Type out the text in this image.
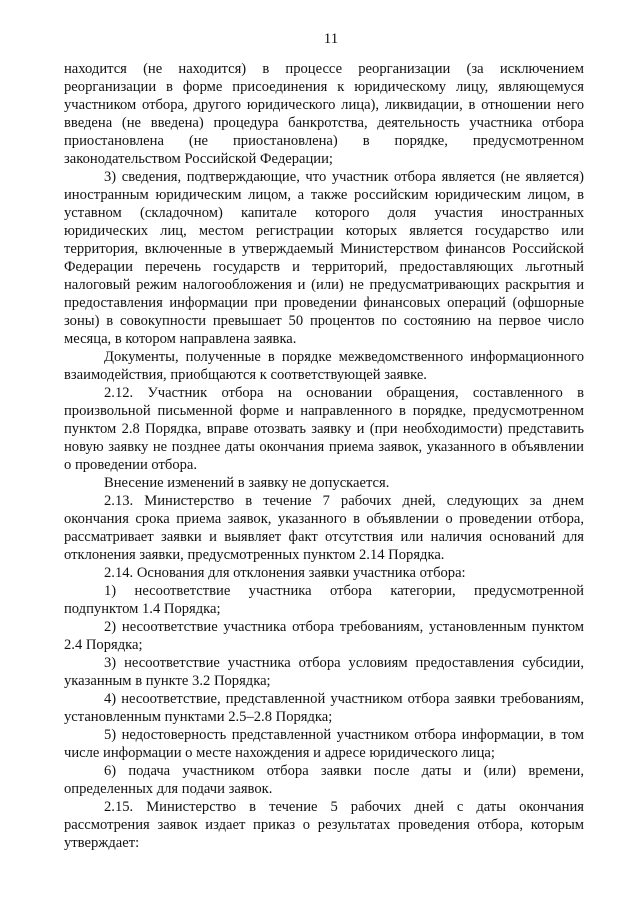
11

находится (не находится) в процессе реорганизации (за исключением реорганизации в форме присоединения к юридическому лицу, являющемуся участником отбора, другого юридического лица), ликвидации, в отношении него введена (не введена) процедура банкротства, деятельность участника отбора приостановлена (не приостановлена) в порядке, предусмотренном законодательством Российской Федерации;

3) сведения, подтверждающие, что участник отбора является (не является) иностранным юридическим лицом, а также российским юридическим лицом, в уставном (складочном) капитале которого доля участия иностранных юридических лиц, местом регистрации которых является государство или территория, включенные в утверждаемый Министерством финансов Российской Федерации перечень государств и территорий, предоставляющих льготный налоговый режим налогообложения и (или) не предусматривающих раскрытия и предоставления информации при проведении финансовых операций (офшорные зоны) в совокупности превышает 50 процентов по состоянию на первое число месяца, в котором направлена заявка.

Документы, полученные в порядке межведомственного информационного взаимодействия, приобщаются к соответствующей заявке.

2.12. Участник отбора на основании обращения, составленного в произвольной письменной форме и направленного в порядке, предусмотренном пунктом 2.8 Порядка, вправе отозвать заявку и (при необходимости) представить новую заявку не позднее даты окончания приема заявок, указанного в объявлении о проведении отбора.

Внесение изменений в заявку не допускается.

2.13. Министерство в течение 7 рабочих дней, следующих за днем окончания срока приема заявок, указанного в объявлении о проведении отбора, рассматривает заявки и выявляет факт отсутствия или наличия оснований для отклонения заявки, предусмотренных пунктом 2.14 Порядка.

2.14. Основания для отклонения заявки участника отбора:

1) несоответствие участника отбора категории, предусмотренной подпунктом 1.4 Порядка;

2) несоответствие участника отбора требованиям, установленным пунктом 2.4 Порядка;

3) несоответствие участника отбора условиям предоставления субсидии, указанным в пункте 3.2 Порядка;

4) несоответствие, представленной участником отбора заявки требованиям, установленным пунктами 2.5–2.8 Порядка;

5) недостоверность представленной участником отбора информации, в том числе информации о месте нахождения и адресе юридического лица;

6) подача участником отбора заявки после даты и (или) времени, определенных для подачи заявок.

2.15. Министерство в течение 5 рабочих дней с даты окончания рассмотрения заявок издает приказ о результатах проведения отбора, которым утверждает:
